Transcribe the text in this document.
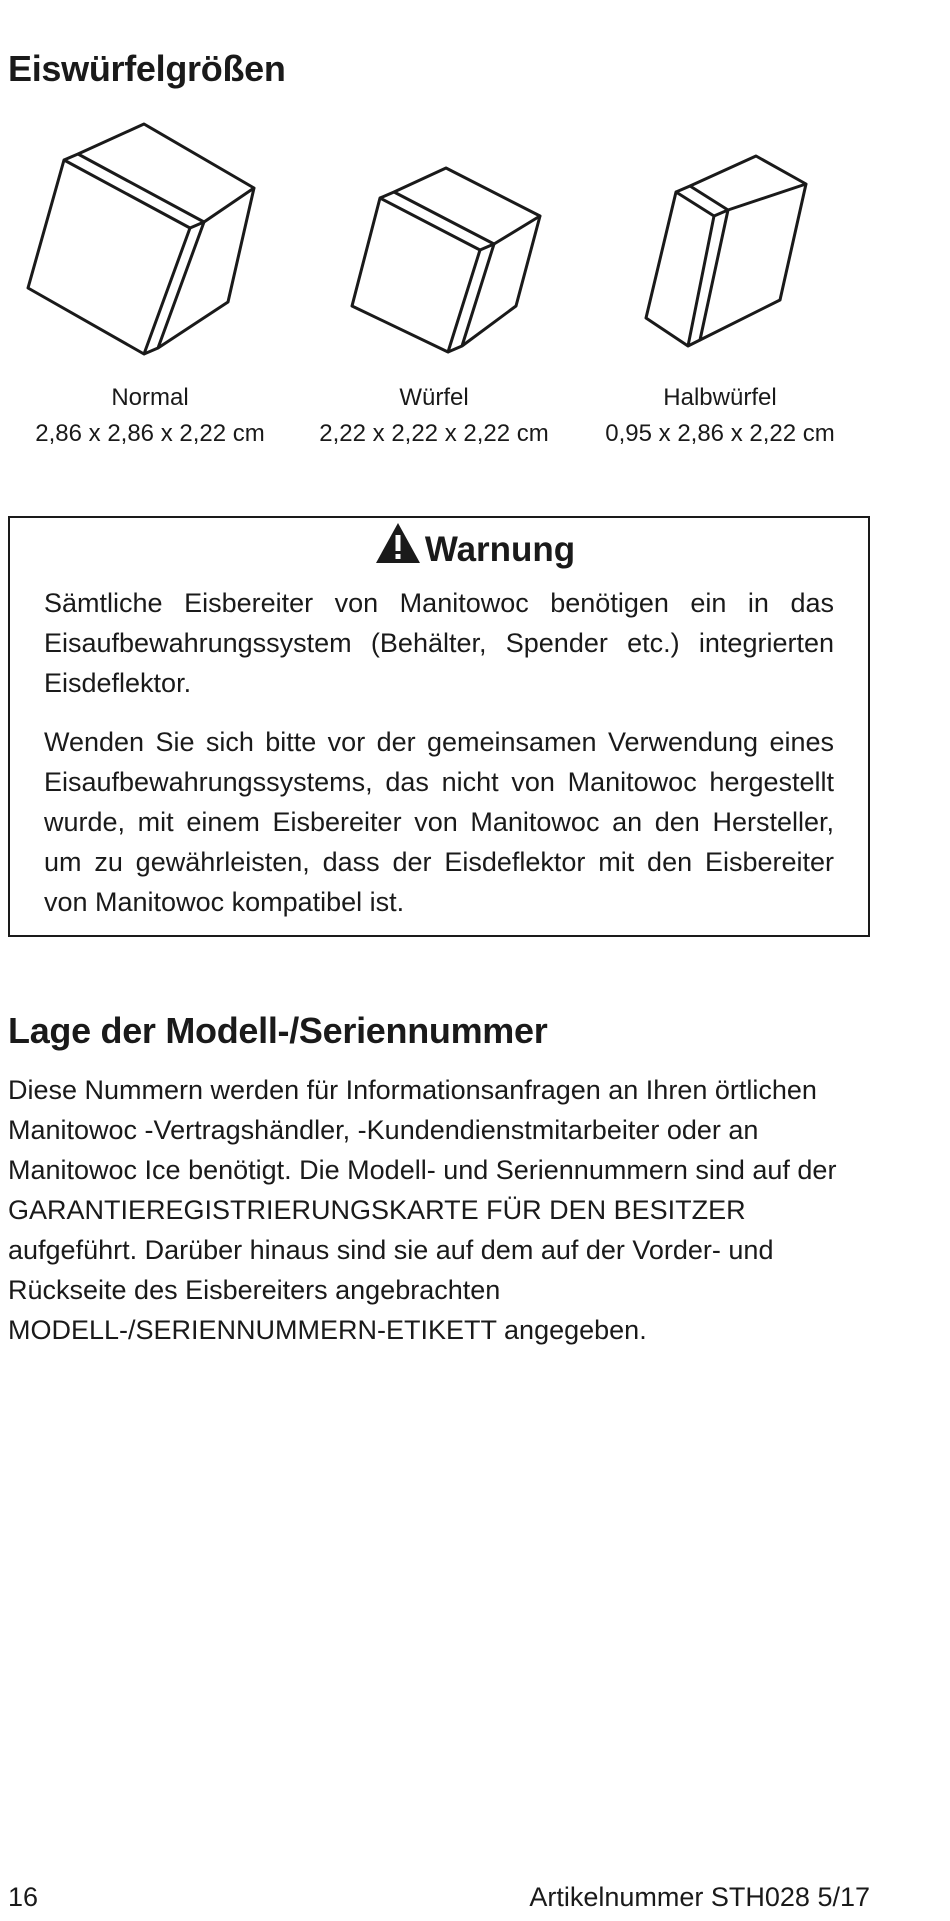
Eiswürfelgrößen
Normal
2,86 x 2,86 x 2,22 cm
Würfel
2,22 x 2,22 x 2,22 cm
Halbwürfel
0,95 x 2,86 x 2,22 cm
Warnung

Sämtliche Eisbereiter von Manitowoc benötigen ein in das Eisaufbewahrungssystem (Behälter, Spender etc.) integrierten Eisdeflektor.

Wenden Sie sich bitte vor der gemeinsamen Verwendung eines Eisaufbewahrungssystems, das nicht von Manitowoc hergestellt wurde, mit einem Eisbereiter von Manitowoc an den Hersteller, um zu gewährleisten, dass der Eisdeflektor mit den Eisbereiter von Manitowoc kompatibel ist.

Lage der Modell-/Seriennummer

Diese Nummern werden für Informationsanfragen an Ihren örtlichen Manitowoc -Vertragshändler, -Kundendienstmitarbeiter oder an Manitowoc Ice benötigt. Die Modell- und Seriennummern sind auf der GARANTIEREGISTRIERUNGSKARTE FÜR DEN BESITZER aufgeführt. Darüber hinaus sind sie auf dem auf der Vorder- und Rückseite des Eisbereiters angebrachten MODELL-/SERIENNUMMERN-ETIKETT angegeben.

16	Artikelnummer STH028 5/17
